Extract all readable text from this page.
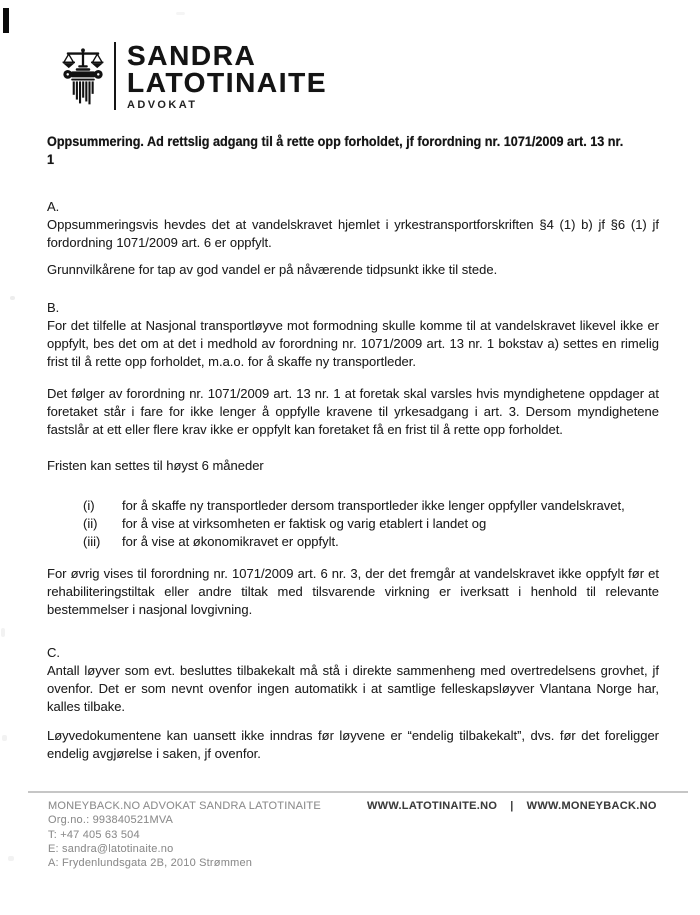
SANDRA
LATOTINAITE
ADVOKAT
Oppsummering. Ad rettslig adgang til å rette opp forholdet, jf forordning nr. 1071/2009 art. 13 nr.
1
A.

Oppsummeringsvis hevdes det at vandelskravet hjemlet i yrkestransportforskriften §4 (1) b) jf §6 (1) jf fordordning 1071/2009 art. 6 er oppfylt.

Grunnvilkårene for tap av god vandel er på nåværende tidpsunkt ikke til stede.

B.

For det tilfelle at Nasjonal transportløyve mot formodning skulle komme til at vandelskravet likevel ikke er oppfylt, bes det om at det i medhold av forordning nr. 1071/2009 art. 13 nr. 1 bokstav a) settes en rimelig frist til å rette opp forholdet, m.a.o. for å skaffe ny transportleder.

Det følger av forordning nr. 1071/2009 art. 13 nr. 1 at foretak skal varsles hvis myndighetene oppdager at foretaket står i fare for ikke lenger å oppfylle kravene til yrkesadgang i art. 3. Dersom myndighetene fastslår at ett eller flere krav ikke er oppfylt kan foretaket få en frist til å rette opp forholdet.

Fristen kan settes til høyst 6 måneder

(i) for å skaffe ny transportleder dersom transportleder ikke lenger oppfyller vandelskravet,
(ii) for å vise at virksomheten er faktisk og varig etablert i landet og
(iii) for å vise at økonomikravet er oppfylt.

For øvrig vises til forordning nr. 1071/2009 art. 6 nr. 3, der det fremgår at vandelskravet ikke oppfylt før et rehabiliteringstiltak eller andre tiltak med tilsvarende virkning er iverksatt i henhold til relevante bestemmelser i nasjonal lovgivning.

C.

Antall løyver som evt. besluttes tilbakekalt må stå i direkte sammenheng med overtredelsens grovhet, jf ovenfor. Det er som nevnt ovenfor ingen automatikk i at samtlige felleskapsløyver Vlantana Norge har, kalles tilbake.

Løyvedokumentene kan uansett ikke inndras før løyvene er “endelig tilbakekalt”, dvs. før det foreligger endelig avgjørelse i saken, jf ovenfor.

MONEYBACK.NO ADVOKAT SANDRA LATOTINAITE
Org.no.: 993840521MVA
T: +47 405 63 504
E: sandra@latotinaite.no
A: Frydenlundsgata 2B, 2010 Strømmen
WWW.LATOTINAITE.NO | WWW.MONEYBACK.NO
